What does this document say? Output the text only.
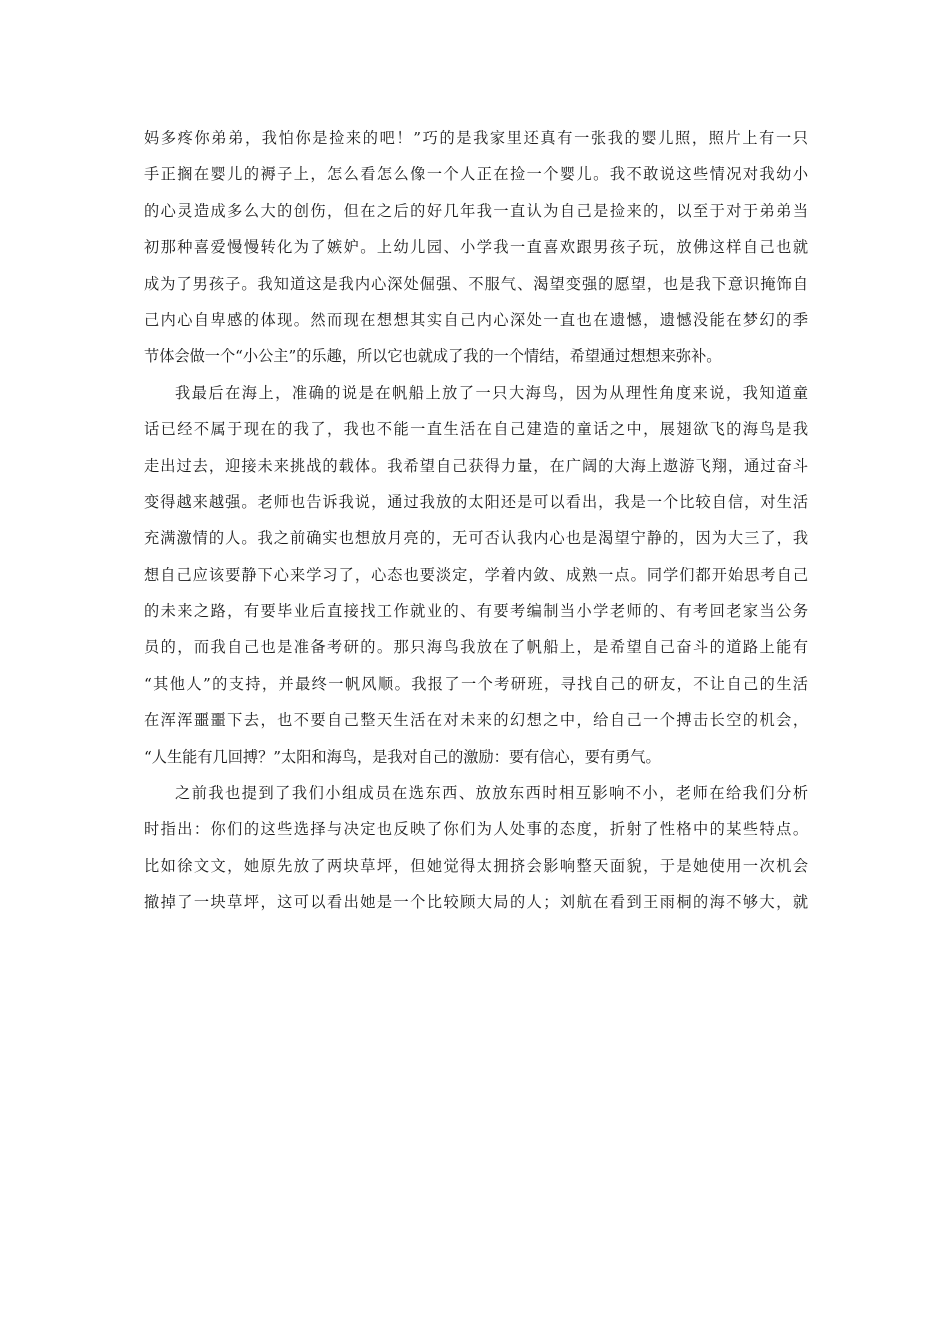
妈多疼你弟弟，我怕你是捡来的吧！”巧的是我家里还真有一张我的婴儿照，照片上有一只
手正搁在婴儿的褥子上，怎么看怎么像一个人正在捡一个婴儿。我不敢说这些情况对我幼小
的心灵造成多么大的创伤，但在之后的好几年我一直认为自己是捡来的，以至于对于弟弟当
初那种喜爱慢慢转化为了嫉妒。上幼儿园、小学我一直喜欢跟男孩子玩，放佛这样自己也就
成为了男孩子。我知道这是我内心深处倔强、不服气、渴望变强的愿望，也是我下意识掩饰自
己内心自卑感的体现。然而现在想想其实自己内心深处一直也在遗憾，遗憾没能在梦幻的季
节体会做一个“小公主”的乐趣，所以它也就成了我的一个情结，希望通过想想来弥补。
我最后在海上，准确的说是在帆船上放了一只大海鸟，因为从理性角度来说，我知道童
话已经不属于现在的我了，我也不能一直生活在自己建造的童话之中，展翅欲飞的海鸟是我
走出过去，迎接未来挑战的载体。我希望自己获得力量，在广阔的大海上遨游飞翔，通过奋斗
变得越来越强。老师也告诉我说，通过我放的太阳还是可以看出，我是一个比较自信，对生活
充满激情的人。我之前确实也想放月亮的，无可否认我内心也是渴望宁静的，因为大三了，我
想自己应该要静下心来学习了，心态也要淡定，学着内敛、成熟一点。同学们都开始思考自己
的未来之路，有要毕业后直接找工作就业的、有要考编制当小学老师的、有考回老家当公务
员的，而我自己也是准备考研的。那只海鸟我放在了帆船上，是希望自己奋斗的道路上能有
“其他人”的支持，并最终一帆风顺。我报了一个考研班，寻找自己的研友，不让自己的生活
在浑浑噩噩下去，也不要自己整天生活在对未来的幻想之中，给自己一个搏击长空的机会，
“人生能有几回搏？”太阳和海鸟，是我对自己的激励：要有信心，要有勇气。
之前我也提到了我们小组成员在选东西、放放东西时相互影响不小，老师在给我们分析
时指出：你们的这些选择与决定也反映了你们为人处事的态度，折射了性格中的某些特点。
比如徐文文，她原先放了两块草坪，但她觉得太拥挤会影响整天面貌，于是她使用一次机会
撤掉了一块草坪，这可以看出她是一个比较顾大局的人；刘航在看到王雨桐的海不够大，就
